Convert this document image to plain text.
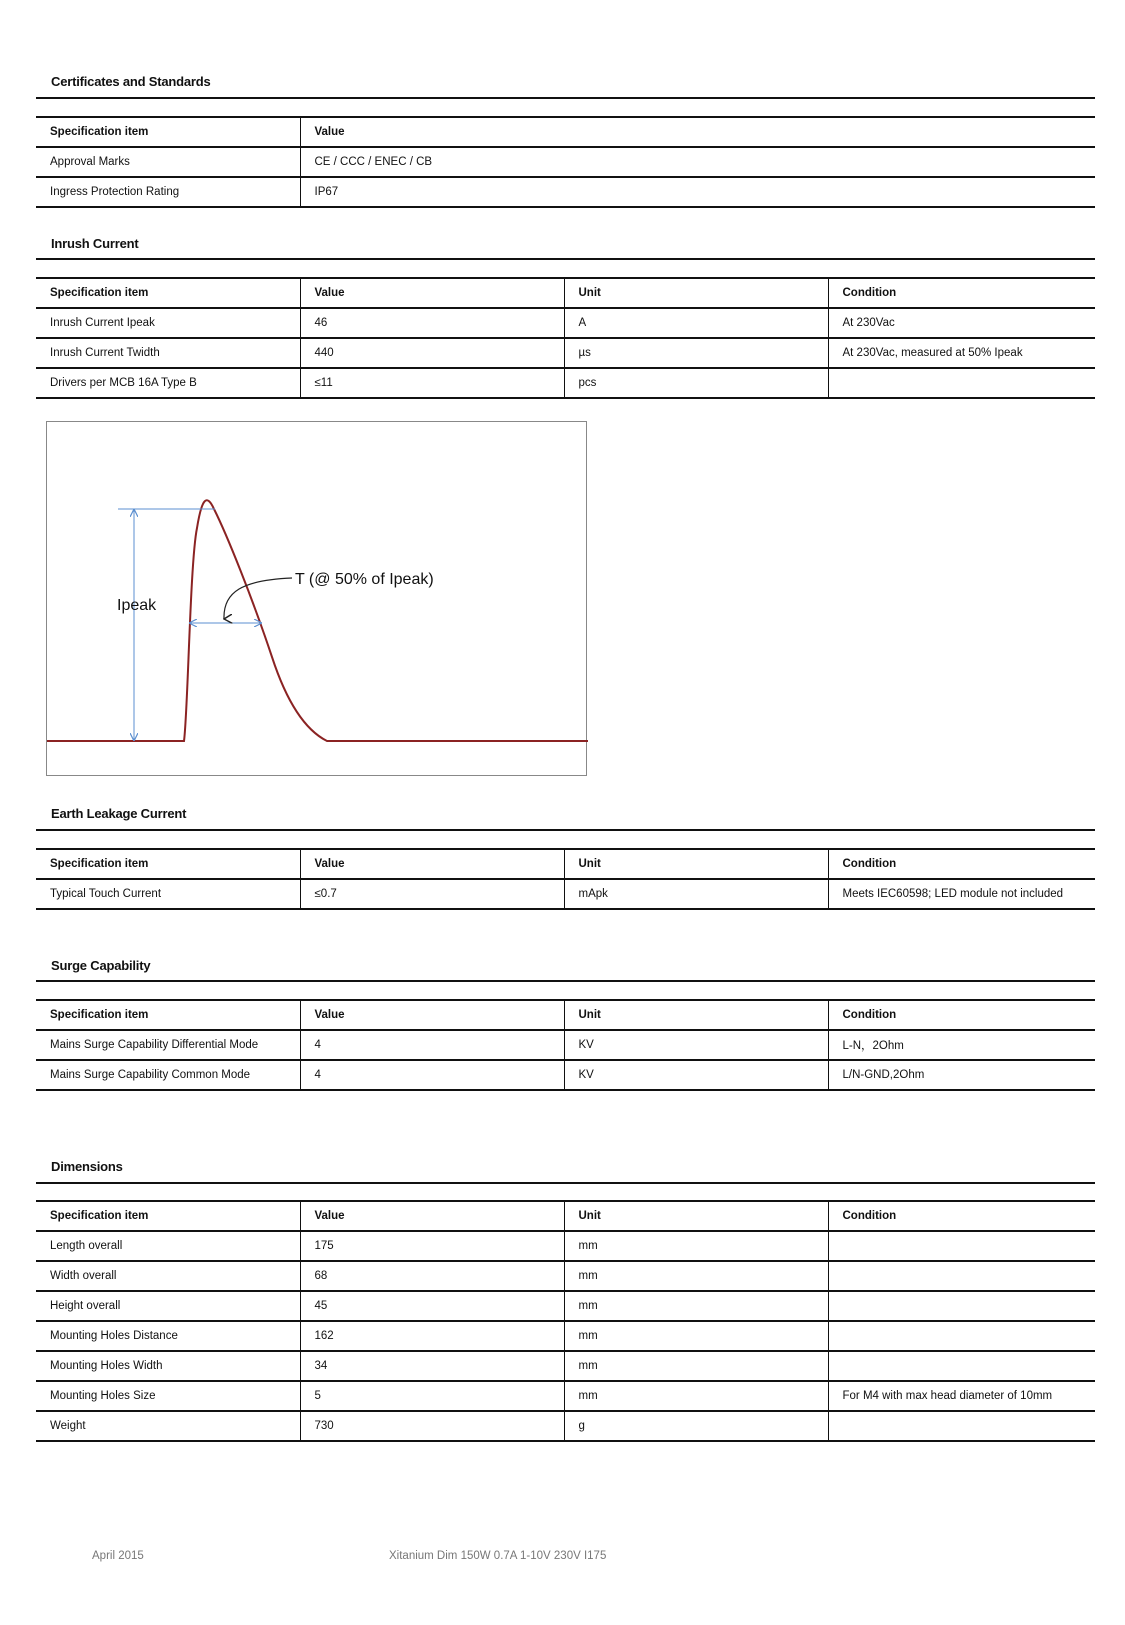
Certificates and Standards
Specification item	Value
Approval Marks	CE / CCC / ENEC / CB
Ingress Protection Rating	IP67
Inrush Current
Specification item	Value	Unit	Condition
Inrush Current Ipeak	46	A	At 230Vac
Inrush Current Twidth	440	µs	At 230Vac, measured at 50% Ipeak
Drivers per MCB 16A Type B	≤11	pcs	
Ipeak
T (@ 50% of Ipeak)
Earth Leakage Current
Specification item	Value	Unit	Condition
Typical Touch Current	≤0.7	mApk	Meets IEC60598; LED module not included
Surge Capability
Specification item	Value	Unit	Condition
Mains Surge Capability Differential Mode	4	KV	L-N，2Ohm
Mains Surge Capability Common Mode	4	KV	L/N-GND,2Ohm
Dimensions
Specification item	Value	Unit	Condition
Length overall	175	mm	
Width overall	68	mm	
Height overall	45	mm	
Mounting Holes Distance	162	mm	
Mounting Holes Width	34	mm	
Mounting Holes Size	5	mm	For M4 with max head diameter of 10mm
Weight	730	g	
April 2015	Xitanium Dim 150W 0.7A 1-10V 230V I175
